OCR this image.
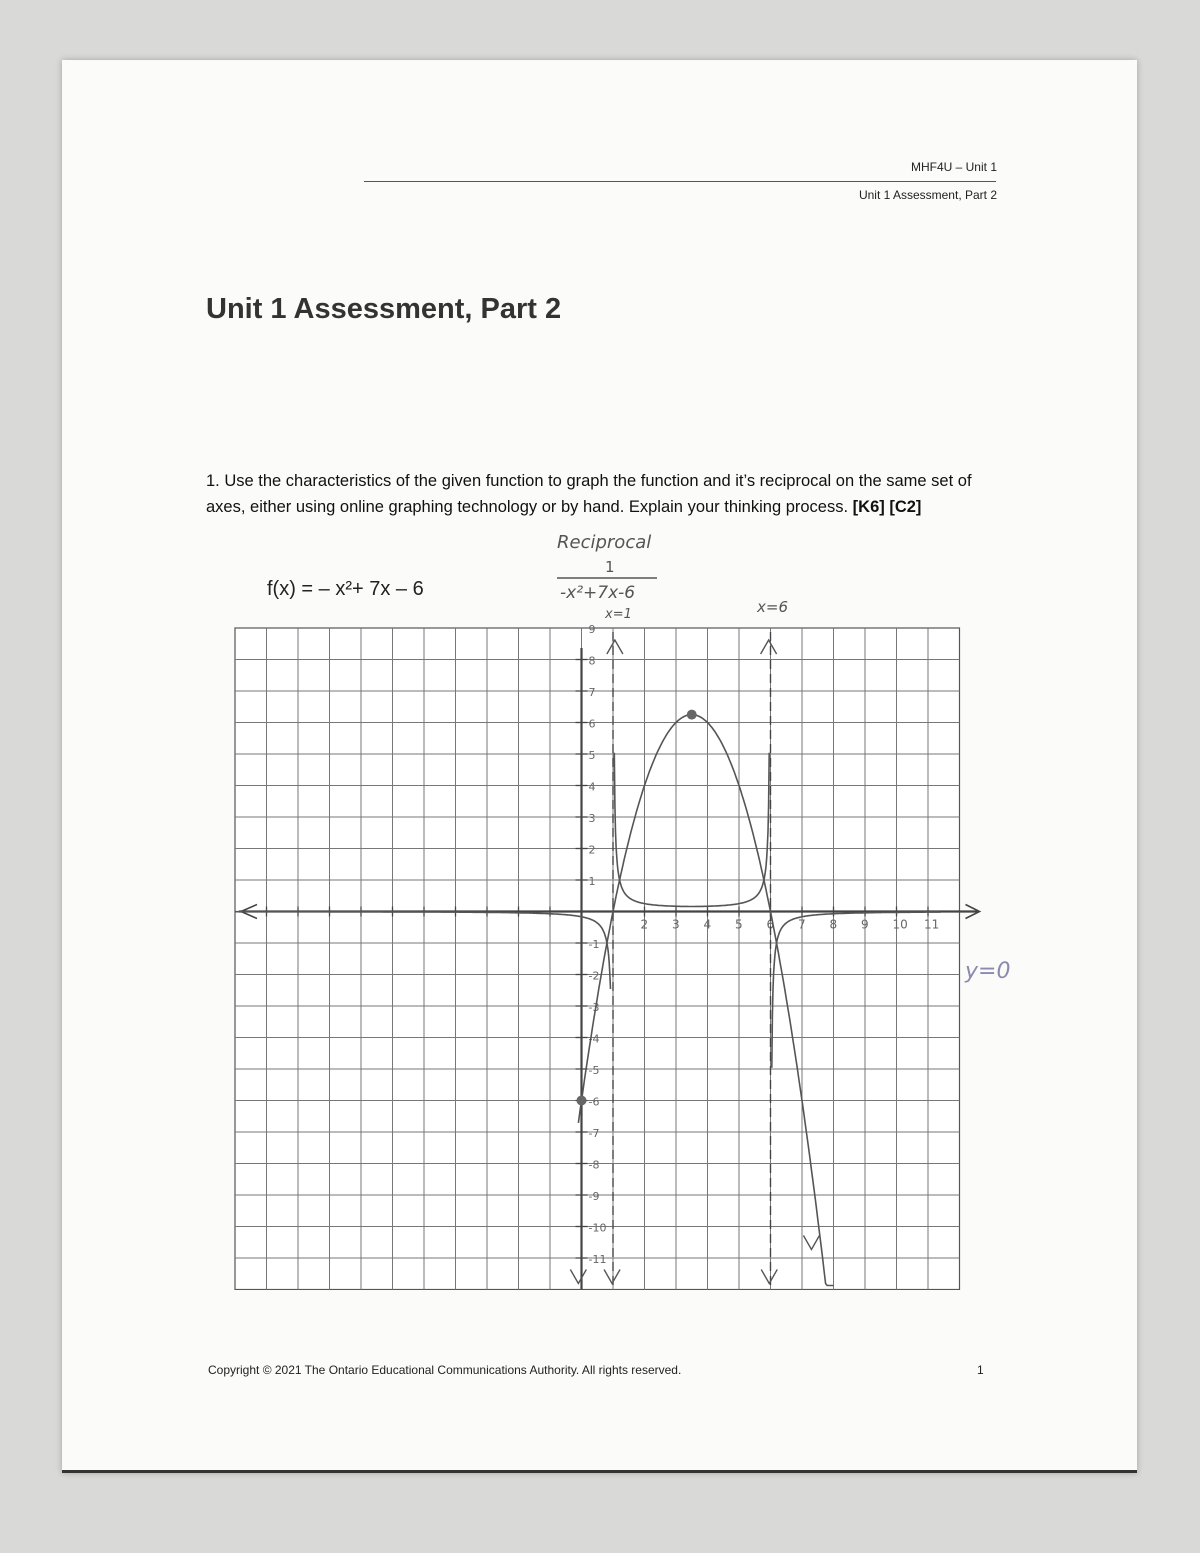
MHF4U – Unit 1
Unit 1 Assessment, Part 2
Unit 1 Assessment, Part 2

1. Use the characteristics of the given function to graph the function and it’s reciprocal on the same set of axes, either using online graphing technology or by hand. Explain your thinking process. [K6] [C2]

f(x) = – x²+ 7x – 6
Reciprocal
1
-x²+7x-6
x=1	x=6
y=0
2 3 4 5 6 7 8 9 10 11
9
8
7
6
5
4
3
2
1
-1
-2
-3
-4
-5
-6
-7
-8
-9
-10
-11
Copyright © 2021 The Ontario Educational Communications Authority. All rights reserved.	1
